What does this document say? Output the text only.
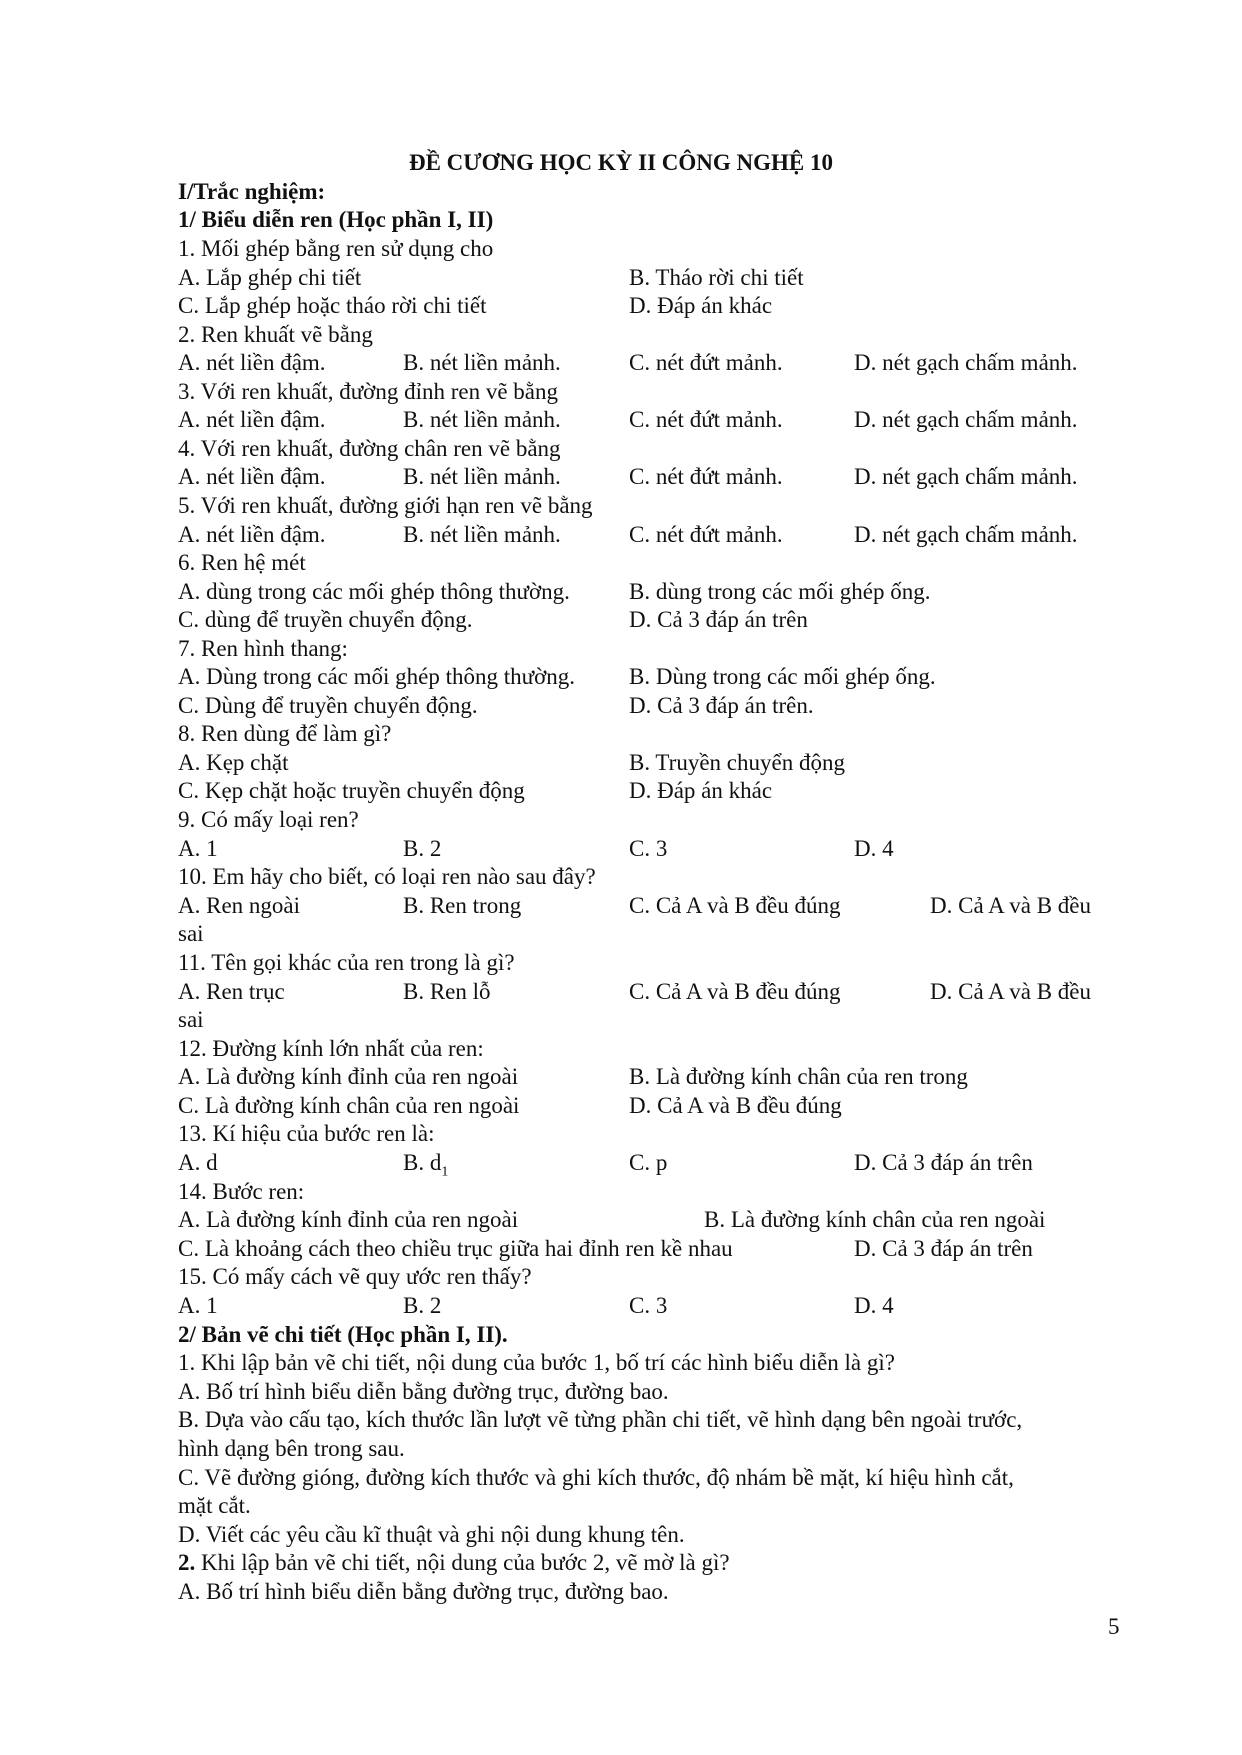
ĐỀ CƯƠNG HỌC KỲ II CÔNG NGHỆ 10
I/Trắc nghiệm:
1/ Biểu diễn ren (Học phần I, II)
1. Mối ghép bằng ren sử dụng cho
A. Lắp ghép chi tiết	B. Tháo rời chi tiết
C. Lắp ghép hoặc tháo rời chi tiết	D. Đáp án khác
2. Ren khuất vẽ bằng
A. nét liền đậm.	B. nét liền mảnh.	C. nét đứt mảnh.	D. nét gạch chấm mảnh.
3. Với ren khuất, đường đỉnh ren vẽ bằng
A. nét liền đậm.	B. nét liền mảnh.	C. nét đứt mảnh.	D. nét gạch chấm mảnh.
4. Với ren khuất, đường chân ren vẽ bằng
A. nét liền đậm.	B. nét liền mảnh.	C. nét đứt mảnh.	D. nét gạch chấm mảnh.
5. Với ren khuất, đường giới hạn ren vẽ bằng
A. nét liền đậm.	B. nét liền mảnh.	C. nét đứt mảnh.	D. nét gạch chấm mảnh.
6. Ren hệ mét
A. dùng trong các mối ghép thông thường.	B. dùng trong các mối ghép ống.
C. dùng để truyền chuyển động.	D. Cả 3 đáp án trên
7. Ren hình thang:
A. Dùng trong các mối ghép thông thường. B. Dùng trong các mối ghép ống.
C. Dùng để truyền chuyển động.	D. Cả 3 đáp án trên.
8. Ren dùng để làm gì?
A. Kẹp chặt	B. Truyền chuyển động
C. Kẹp chặt hoặc truyền chuyển động	D. Đáp án khác
9. Có mấy loại ren?
A. 1	B. 2	C. 3	D. 4
10. Em hãy cho biết, có loại ren nào sau đây?
A. Ren ngoài	B. Ren trong	C. Cả A và B đều đúng	D. Cả A và B đều
sai
11. Tên gọi khác của ren trong là gì?
A. Ren trục	B. Ren lỗ	C. Cả A và B đều đúng	D. Cả A và B đều
sai
12. Đường kính lớn nhất của ren:
A. Là đường kính đỉnh của ren ngoài	B. Là đường kính chân của ren trong
C. Là đường kính chân của ren ngoài	D. Cả A và B đều đúng
13. Kí hiệu của bước ren là:
A. d	B. $d_1$	C. p	D. Cả 3 đáp án trên
14. Bước ren:
A. Là đường kính đỉnh của ren ngoài	B. Là đường kính chân của ren ngoài
C. Là khoảng cách theo chiều trục giữa hai đỉnh ren kề nhau	D. Cả 3 đáp án trên
15. Có mấy cách vẽ quy ước ren thấy?
A. 1	B. 2	C. 3	D. 4
2/ Bản vẽ chi tiết (Học phần I, II).
1. Khi lập bản vẽ chi tiết, nội dung của bước 1, bố trí các hình biểu diễn là gì?
A. Bố trí hình biểu diễn bằng đường trục, đường bao.
B. Dựa vào cấu tạo, kích thước lần lượt vẽ từng phần chi tiết, vẽ hình dạng bên ngoài trước,
hình dạng bên trong sau.
C. Vẽ đường gióng, đường kích thước và ghi kích thước, độ nhám bề mặt, kí hiệu hình cắt,
mặt cắt.
D. Viết các yêu cầu kĩ thuật và ghi nội dung khung tên.
2. Khi lập bản vẽ chi tiết, nội dung của bước 2, vẽ mờ là gì?
A. Bố trí hình biểu diễn bằng đường trục, đường bao.
5
